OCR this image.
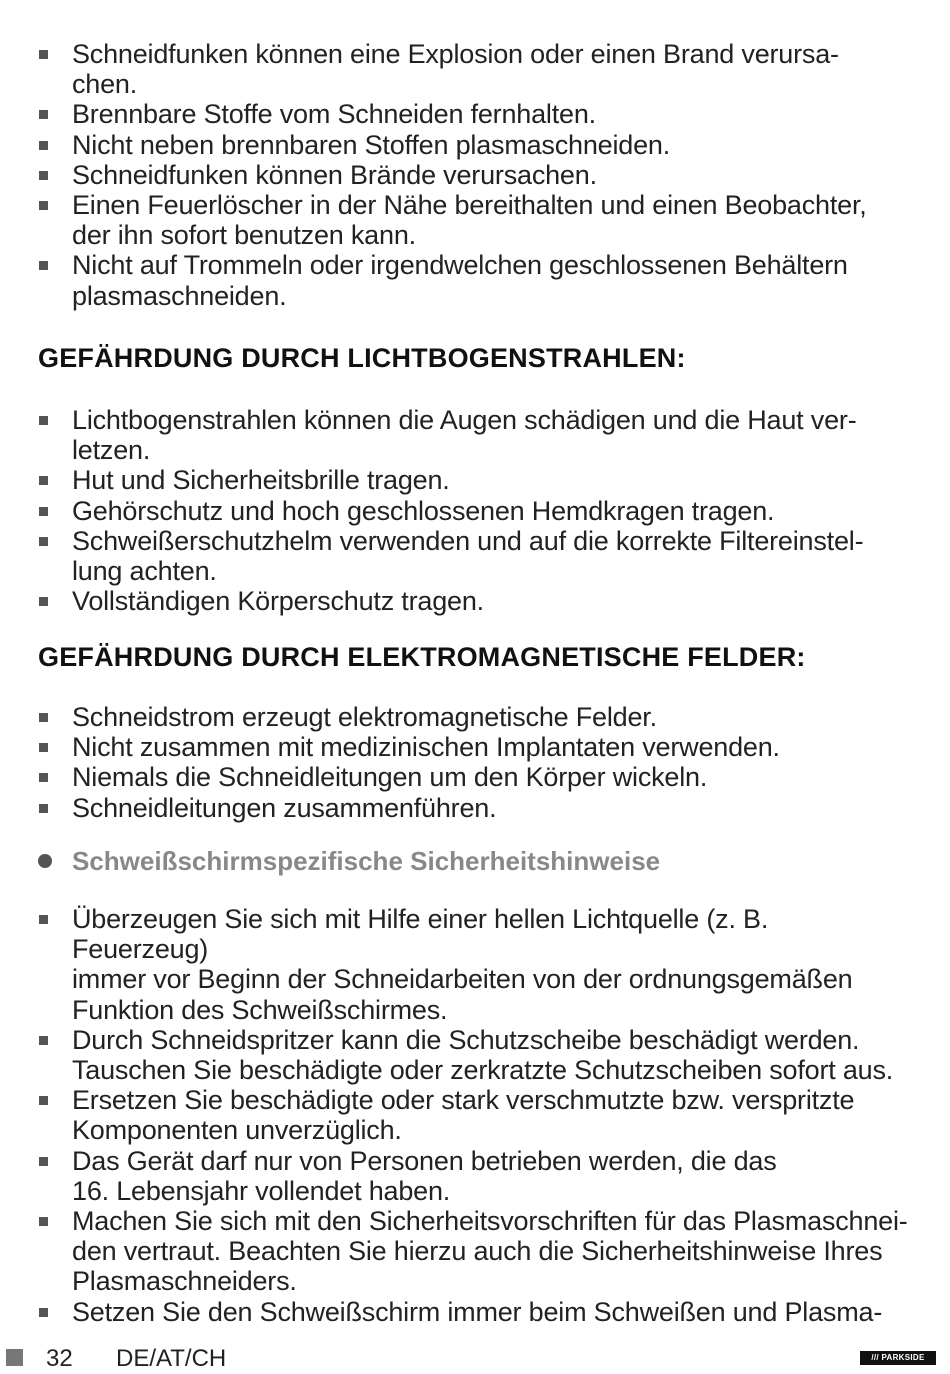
Schneidfunken können eine Explosion oder einen Brand verursa-
chen.
Brennbare Stoffe vom Schneiden fernhalten.
Nicht neben brennbaren Stoffen plasmaschneiden.
Schneidfunken können Brände verursachen.
Einen Feuerlöscher in der Nähe bereithalten und einen Beobachter,
der ihn sofort benutzen kann.
Nicht auf Trommeln oder irgendwelchen geschlossenen Behältern
plasmaschneiden.
GEFÄHRDUNG DURCH LICHTBOGENSTRAHLEN:
Lichtbogenstrahlen können die Augen schädigen und die Haut ver-
letzen.
Hut und Sicherheitsbrille tragen.
Gehörschutz und hoch geschlossenen Hemdkragen tragen.
Schweißerschutzhelm verwenden und auf die korrekte Filtereinstel-
lung achten.
Vollständigen Körperschutz tragen.
GEFÄHRDUNG DURCH ELEKTROMAGNETISCHE FELDER:
Schneidstrom erzeugt elektromagnetische Felder.
Nicht zusammen mit medizinischen Implantaten verwenden.
Niemals die Schneidleitungen um den Körper wickeln.
Schneidleitungen zusammenführen.
Schweißschirmspezifische Sicherheitshinweise
Überzeugen Sie sich mit Hilfe einer hellen Lichtquelle (z. B. Feuerzeug)
immer vor Beginn der Schneidarbeiten von der ordnungsgemäßen
Funktion des Schweißschirmes.
Durch Schneidspritzer kann die Schutzscheibe beschädigt werden.
Tauschen Sie beschädigte oder zerkratzte Schutzscheiben sofort aus.
Ersetzen Sie beschädigte oder stark verschmutzte bzw. verspritzte
Komponenten unverzüglich.
Das Gerät darf nur von Personen betrieben werden, die das
16. Lebensjahr vollendet haben.
Machen Sie sich mit den Sicherheitsvorschriften für das Plasmaschnei-
den vertraut. Beachten Sie hierzu auch die Sicherheitshinweise Ihres
Plasmaschneiders.
Setzen Sie den Schweißschirm immer beim Schweißen und Plasma-
32 DE/AT/CH	/// PARKSIDE
